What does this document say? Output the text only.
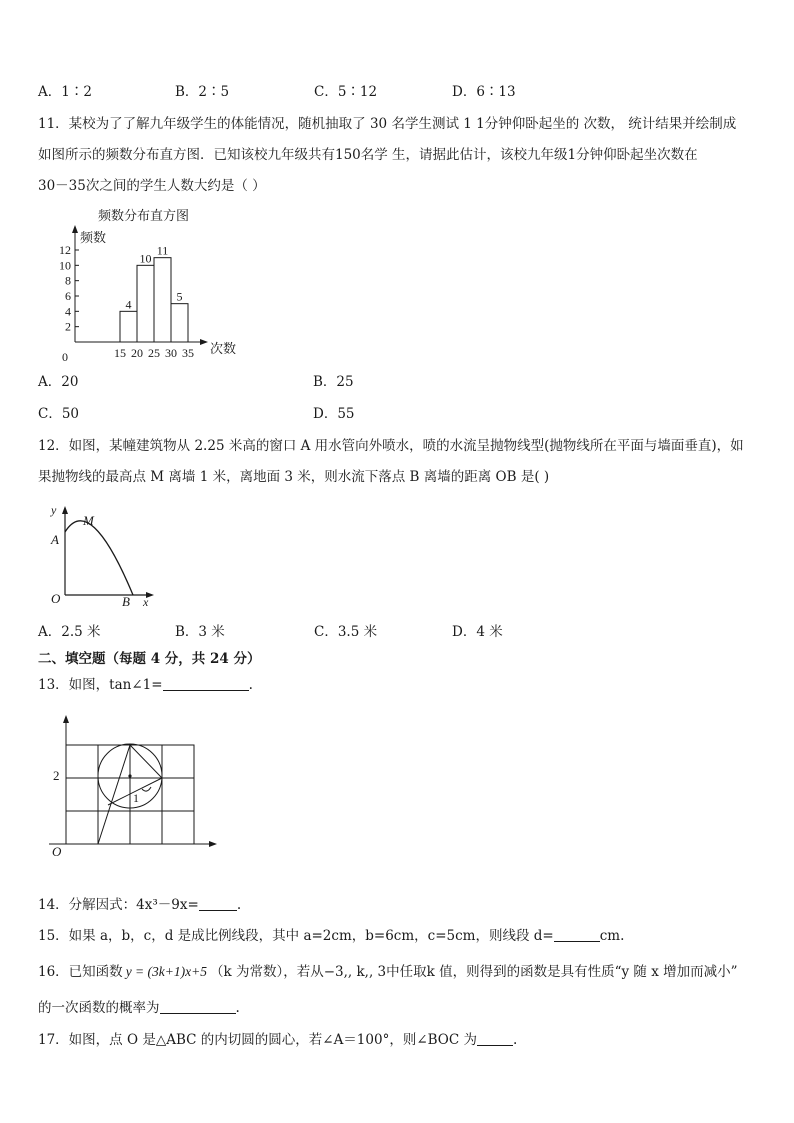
A．1∶2	B．2∶5	C．5∶12	D．6∶13
11．某校为了了解九年级学生的体能情况，随机抽取了 30 名学生测试 1 1分钟仰卧起坐的 次数， 统计结果并绘制成
如图所示的频数分布直方图．已知该校九年级共有150名学 生，请据此估计，该校九年级1分钟仰卧起坐次数在
30－35次之间的学生人数大约是（ ）
频数分布直方图
频数
次数
0
2
4
6
8
10
12
4
10
11
5
15 20 25 30 35
A．20	B．25
C．50	D．55
12．如图，某幢建筑物从 2.25 米高的窗口 A 用水管向外喷水，喷的水流呈抛物线型(抛物线所在平面与墙面垂直)，如
果抛物线的最高点 M 离墙 1 米，离地面 3 米，则水流下落点 B 离墙的距离 OB 是( )
y
M
A
O	B x
A．2.5 米	B．3 米	C．3.5 米	D．4 米
二、填空题（每题 4 分，共 24 分）
13．如图，tan∠1=	.
2
O
1
14．分解因式：4x³－9x=	.
15．如果 a，b，c，d 是成比例线段，其中 a=2cm，b=6cm，c=5cm，则线段 d=	cm.
16．已知函数 y = (3k+1)x+5 （k 为常数），若从−3,, k,, 3中任取k 值，则得到的函数是具有性质“y 随 x 增加而减小”
的一次函数的概率为	.
17．如图，点 O 是△ABC 的内切圆的圆心，若∠A＝100°，则∠BOC 为	.
